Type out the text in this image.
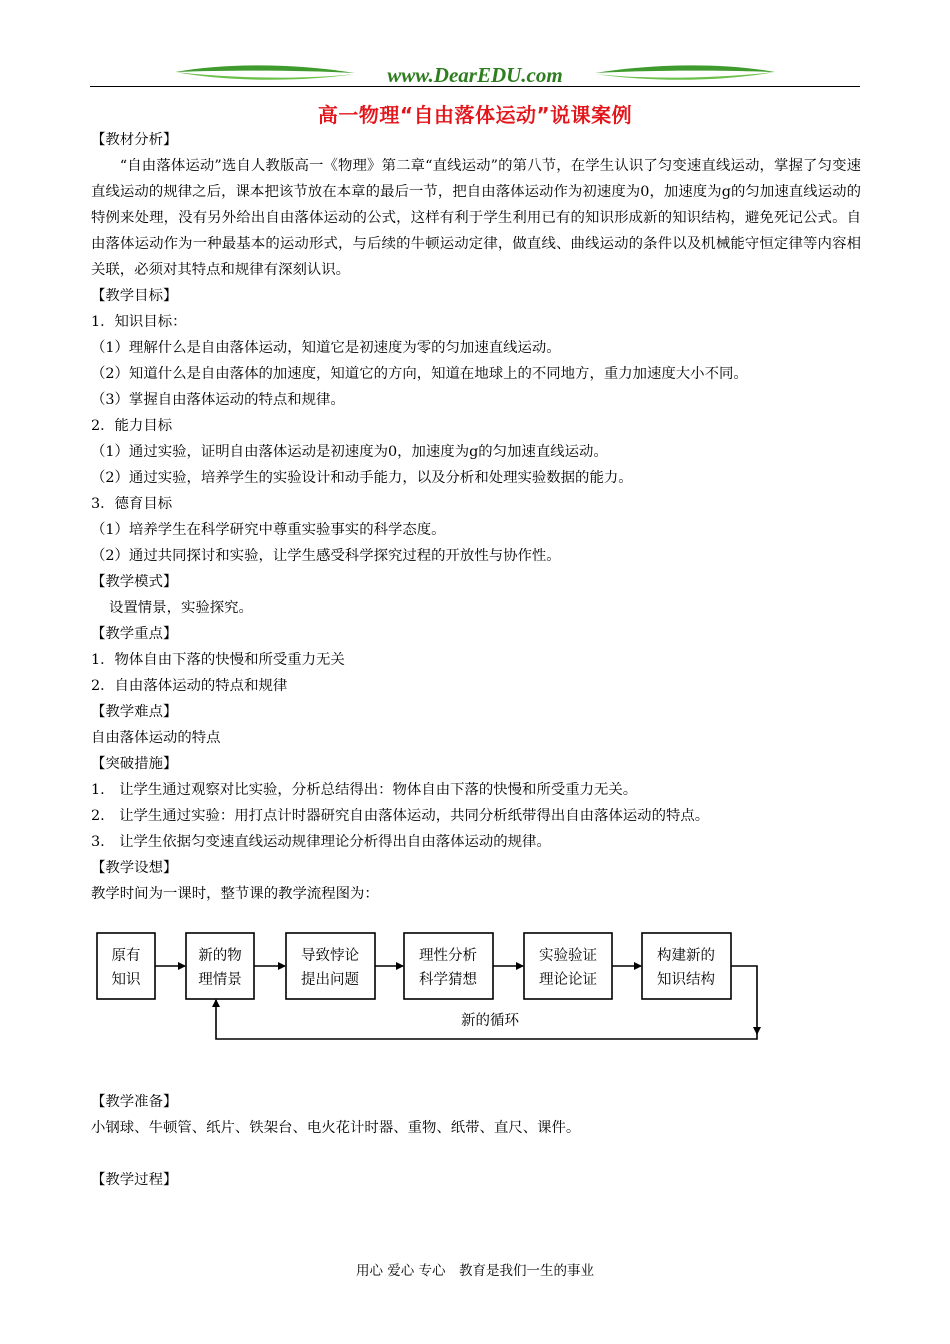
www.DearEDU.com
高一物理“自由落体运动”说课案例
【教材分析】
“自由落体运动”选自人教版高一《物理》第二章“直线运动”的第八节，在学生认识了匀变速直线运动，掌握了匀变速直线运动的规律之后，课本把该节放在本章的最后一节，把自由落体运动作为初速度为0，加速度为g的匀加速直线运动的特例来处理，没有另外给出自由落体运动的公式，这样有利于学生利用已有的知识形成新的知识结构，避免死记公式。自由落体运动作为一种最基本的运动形式，与后续的牛顿运动定律，做直线、曲线运动的条件以及机械能守恒定律等内容相关联，必须对其特点和规律有深刻认识。
【教学目标】
1．知识目标：
（1）理解什么是自由落体运动，知道它是初速度为零的匀加速直线运动。
（2）知道什么是自由落体的加速度，知道它的方向，知道在地球上的不同地方，重力加速度大小不同。
（3）掌握自由落体运动的特点和规律。
2．能力目标
（1）通过实验，证明自由落体运动是初速度为0，加速度为g的匀加速直线运动。
（2）通过实验，培养学生的实验设计和动手能力，以及分析和处理实验数据的能力。
3．德育目标
（1）培养学生在科学研究中尊重实验事实的科学态度。
（2）通过共同探讨和实验，让学生感受科学探究过程的开放性与协作性。
【教学模式】
设置情景，实验探究。
【教学重点】
1．物体自由下落的快慢和所受重力无关
2．自由落体运动的特点和规律
【教学难点】
自由落体运动的特点
【突破措施】
1.　让学生通过观察对比实验，分析总结得出：物体自由下落的快慢和所受重力无关。
2.　让学生通过实验：用打点计时器研究自由落体运动，共同分析纸带得出自由落体运动的特点。
3.　让学生依据匀变速直线运动规律理论分析得出自由落体运动的规律。
【教学设想】
教学时间为一课时，整节课的教学流程图为：
原有
知识
新的物
理情景
导致悖论
提出问题
理性分析
科学猜想
实验验证
理论论证
构建新的
知识结构
新的循环
【教学准备】
小钢球、牛顿管、纸片、铁架台、电火花计时器、重物、纸带、直尺、课件。
【教学过程】
用心 爱心 专心　教育是我们一生的事业
